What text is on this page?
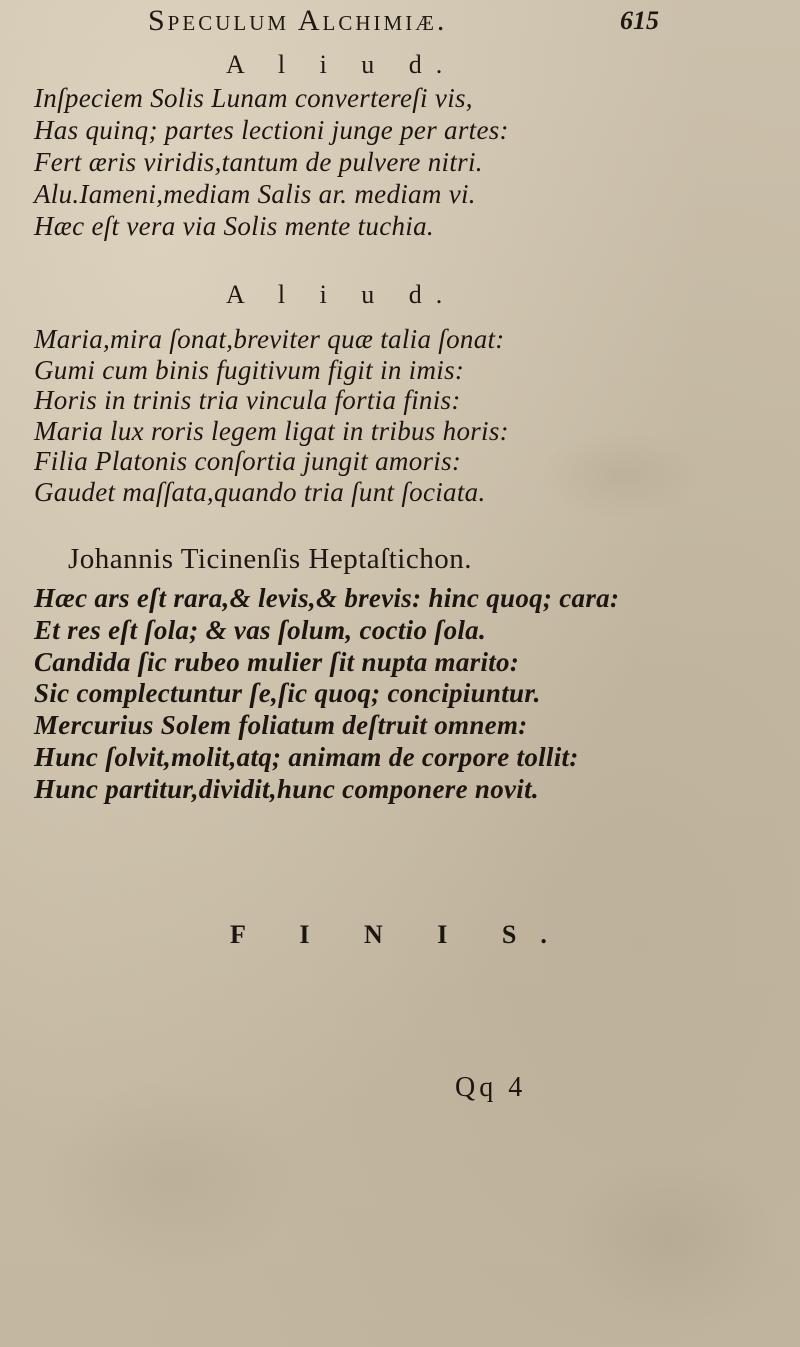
Speculum Alchimiæ.	615
A l i u d.
Inſpeciem Solis Lunam convertereſi vis,
Has quinq; partes lectioni junge per artes:
Fert æris viridis,tantum de pulvere nitri.
Alu.Iameni,mediam Salis ar. mediam vi.
Hæc eſt vera via Solis mente tuchia.
A l i u d.
Maria,mira ſonat,breviter quæ talia ſonat:
Gumi cum binis fugitivum figit in imis:
Horis in trinis tria vincula fortia finis:
Maria lux roris legem ligat in tribus horis:
Filia Platonis conſortia jungit amoris:
Gaudet maſſata,quando tria ſunt ſociata.
Johannis Ticinenſis Heptaſtichon.
Hæc ars eſt rara,& levis,& brevis: hinc quoq; cara:
Et res eſt ſola; & vas ſolum, coctio ſola.
Candida ſic rubeo mulier ſit nupta marito:
Sic complectuntur ſe,ſic quoq; concipiuntur.
Mercurius Solem foliatum deſtruit omnem:
Hunc ſolvit,molit,atq; animam de corpore tollit:
Hunc partitur,dividit,hunc componere novit.
F I N I S.
Qq 4
